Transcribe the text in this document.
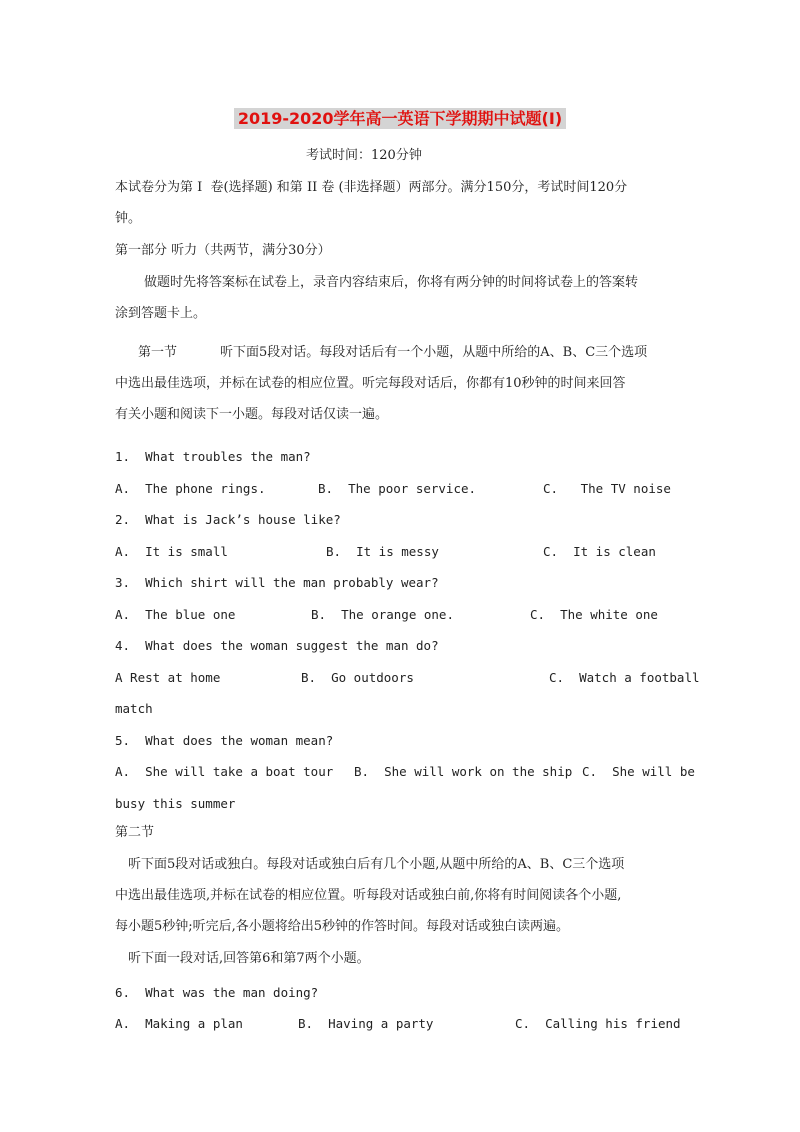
2019-2020学年高一英语下学期期中试题(I)
考试时间：120分钟
本试卷分为第 I  卷(选择题) 和第 II 卷 (非选择题）两部分。满分150分，考试时间120分
钟。
第一部分 听力（共两节，满分30分）
做题时先将答案标在试卷上，录音内容结束后，你将有两分钟的时间将试卷上的答案转
涂到答题卡上。
第一节	听下面5段对话。每段对话后有一个小题，从题中所给的A、B、C三个选项
中选出最佳选项，并标在试卷的相应位置。听完每段对话后，你都有10秒钟的时间来回答
有关小题和阅读下一小题。每段对话仅读一遍。
1.  What troubles the man?
A.  The phone rings.	B.  The poor service.	C.   The TV noise
2.  What is Jack’s house like?
A.  It is small	B.  It is messy	C.  It is clean
3.  Which shirt will the man probably wear?
A.  The blue one	B.  The orange one.	C.  The white one
4.  What does the woman suggest the man do?
A Rest at home	B.  Go outdoors	C.  Watch a football
match
5.  What does the woman mean?
A.  She will take a boat tour B.  She will work on the ship C.  She will be
busy this summer
第二节
听下面5段对话或独白。每段对话或独白后有几个小题,从题中所给的A、B、C三个选项
中选出最佳选项,并标在试卷的相应位置。听每段对话或独白前,你将有时间阅读各个小题,
每小题5秒钟;听完后,各小题将给出5秒钟的作答时间。每段对话或独白读两遍。
听下面一段对话,回答第6和第7两个小题。
6.  What was the man doing?
A.  Making a plan	B.  Having a party	C.  Calling his friend
